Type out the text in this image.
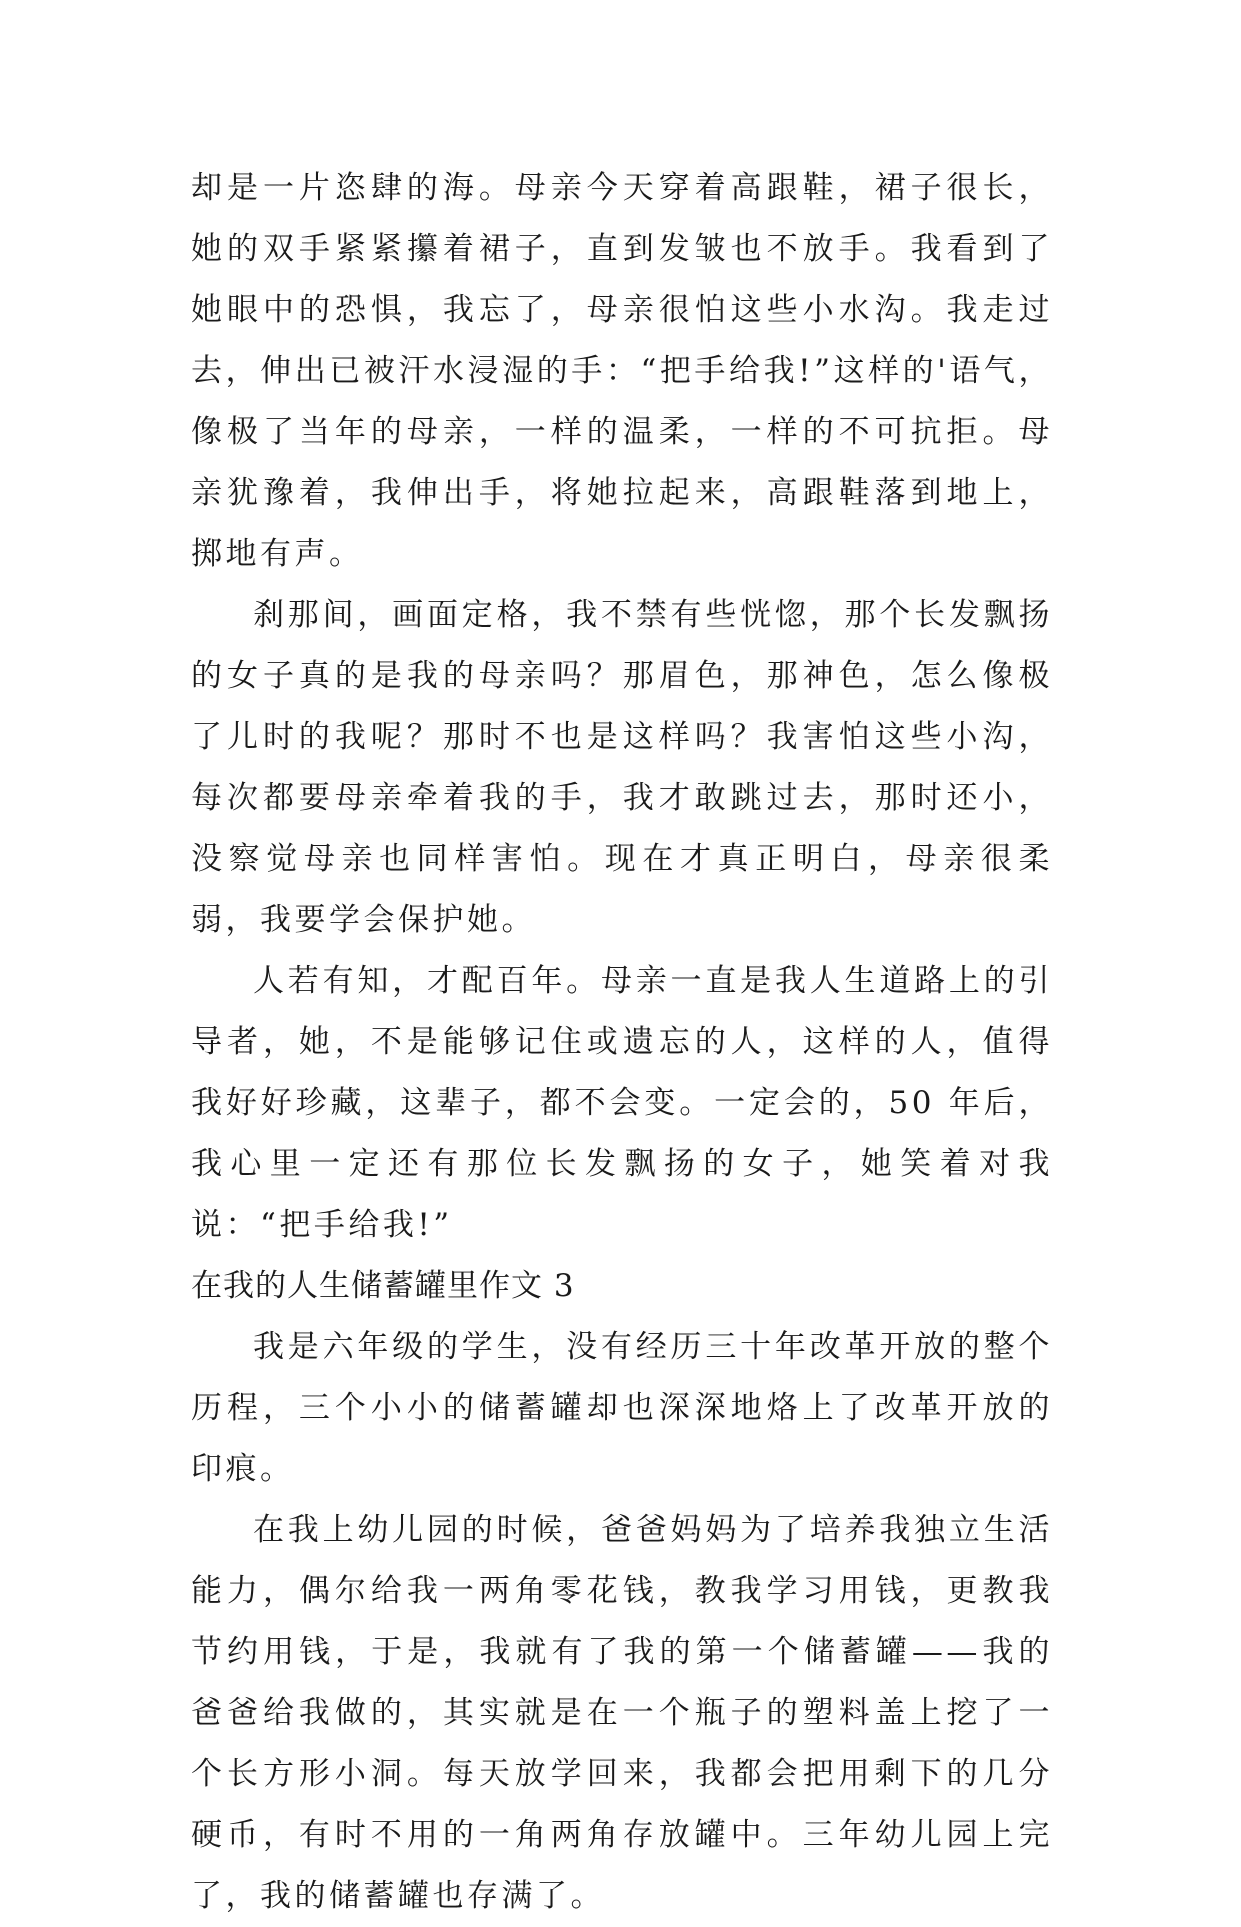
却是一片恣肆的海。母亲今天穿着高跟鞋，裙子很长，她的双手紧紧攥着裙子，直到发皱也不放手。我看到了她眼中的恐惧，我忘了，母亲很怕这些小水沟。我走过去，伸出已被汗水浸湿的手：“把手给我!”这样的'语气，像极了当年的母亲，一样的温柔，一样的不可抗拒。母亲犹豫着，我伸出手，将她拉起来，高跟鞋落到地上，掷地有声。

刹那间，画面定格，我不禁有些恍惚，那个长发飘扬的女子真的是我的母亲吗？那眉色，那神色，怎么像极了儿时的我呢？那时不也是这样吗？我害怕这些小沟，每次都要母亲牵着我的手，我才敢跳过去，那时还小，没察觉母亲也同样害怕。现在才真正明白，母亲很柔弱，我要学会保护她。

人若有知，才配百年。母亲一直是我人生道路上的引导者，她，不是能够记住或遗忘的人，这样的人，值得我好好珍藏，这辈子，都不会变。一定会的，50 年后，我心里一定还有那位长发飘扬的女子，她笑着对我说：“把手给我!”

在我的人生储蓄罐里作文 3

我是六年级的学生，没有经历三十年改革开放的整个历程，三个小小的储蓄罐却也深深地烙上了改革开放的印痕。

在我上幼儿园的时候，爸爸妈妈为了培养我独立生活能力，偶尔给我一两角零花钱，教我学习用钱，更教我节约用钱，于是，我就有了我的第一个储蓄罐——我的爸爸给我做的，其实就是在一个瓶子的塑料盖上挖了一个长方形小洞。每天放学回来，我都会把用剩下的几分硬币，有时不用的一角两角存放罐中。三年幼儿园上完了，我的储蓄罐也存满了。
